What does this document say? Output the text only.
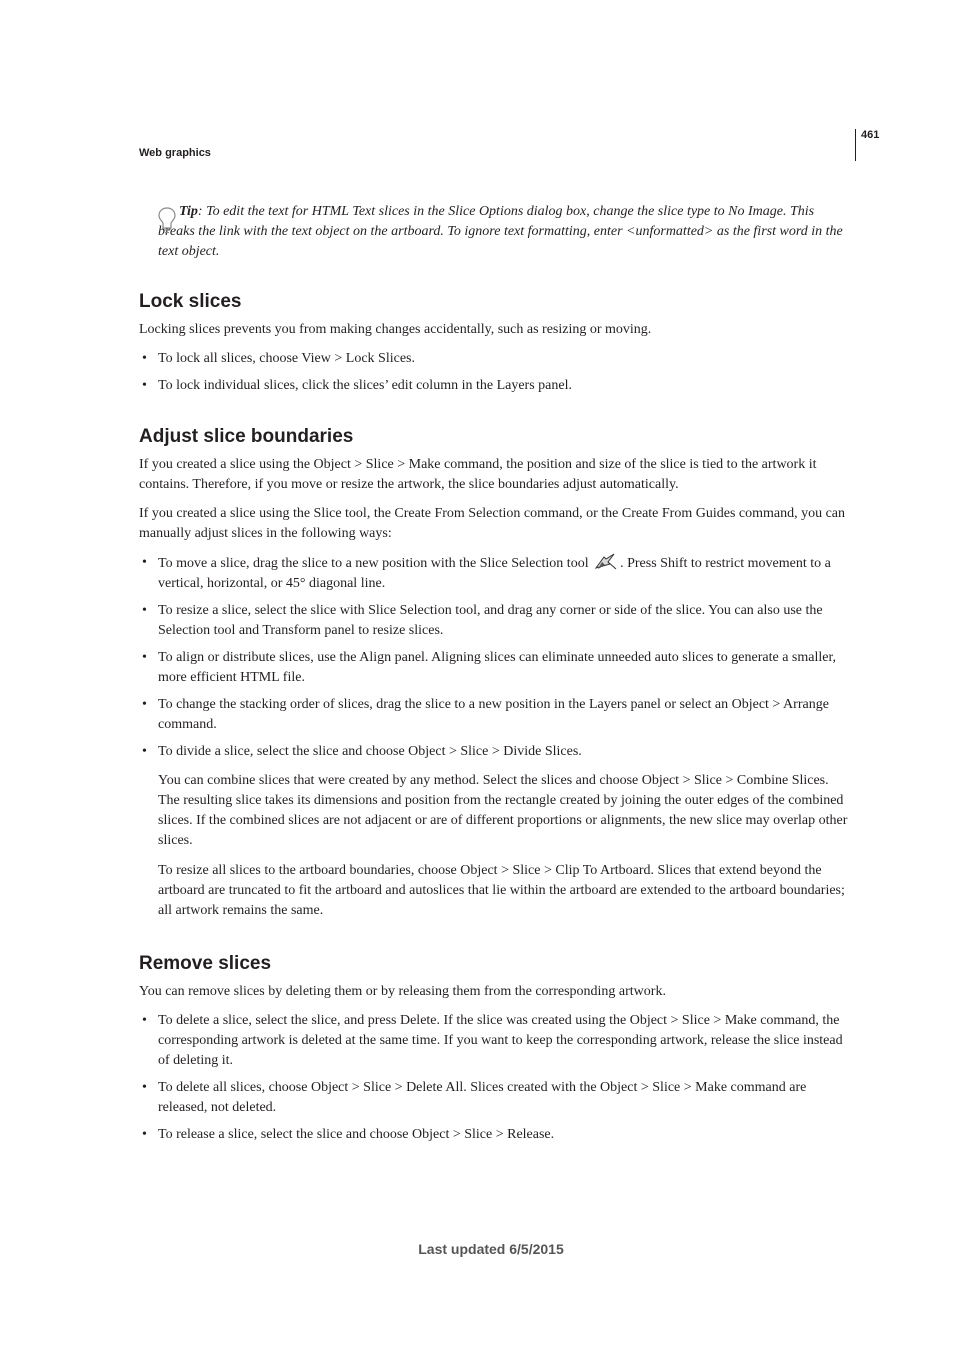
Web graphics
461
Tip: To edit the text for HTML Text slices in the Slice Options dialog box, change the slice type to No Image. This breaks the link with the text object on the artboard. To ignore text formatting, enter <unformatted> as the first word in the text object.
Lock slices

Locking slices prevents you from making changes accidentally, such as resizing or moving.

• To lock all slices, choose View > Lock Slices.
• To lock individual slices, click the slices’ edit column in the Layers panel.
Adjust slice boundaries

If you created a slice using the Object > Slice > Make command, the position and size of the slice is tied to the artwork it contains. Therefore, if you move or resize the artwork, the slice boundaries adjust automatically.

If you created a slice using the Slice tool, the Create From Selection command, or the Create From Guides command, you can manually adjust slices in the following ways:

• To move a slice, drag the slice to a new position with the Slice Selection tool . Press Shift to restrict movement to a vertical, horizontal, or 45° diagonal line.
• To resize a slice, select the slice with Slice Selection tool, and drag any corner or side of the slice. You can also use the Selection tool and Transform panel to resize slices.
• To align or distribute slices, use the Align panel. Aligning slices can eliminate unneeded auto slices to generate a smaller, more efficient HTML file.
• To change the stacking order of slices, drag the slice to a new position in the Layers panel or select an Object > Arrange command.
• To divide a slice, select the slice and choose Object > Slice > Divide Slices.

You can combine slices that were created by any method. Select the slices and choose Object > Slice > Combine Slices. The resulting slice takes its dimensions and position from the rectangle created by joining the outer edges of the combined slices. If the combined slices are not adjacent or are of different proportions or alignments, the new slice may overlap other slices.

To resize all slices to the artboard boundaries, choose Object > Slice > Clip To Artboard. Slices that extend beyond the artboard are truncated to fit the artboard and autoslices that lie within the artboard are extended to the artboard boundaries; all artwork remains the same.

Remove slices

You can remove slices by deleting them or by releasing them from the corresponding artwork.

• To delete a slice, select the slice, and press Delete. If the slice was created using the Object > Slice > Make command, the corresponding artwork is deleted at the same time. If you want to keep the corresponding artwork, release the slice instead of deleting it.
• To delete all slices, choose Object > Slice > Delete All. Slices created with the Object > Slice > Make command are released, not deleted.
• To release a slice, select the slice and choose Object > Slice > Release.
Last updated 6/5/2015
